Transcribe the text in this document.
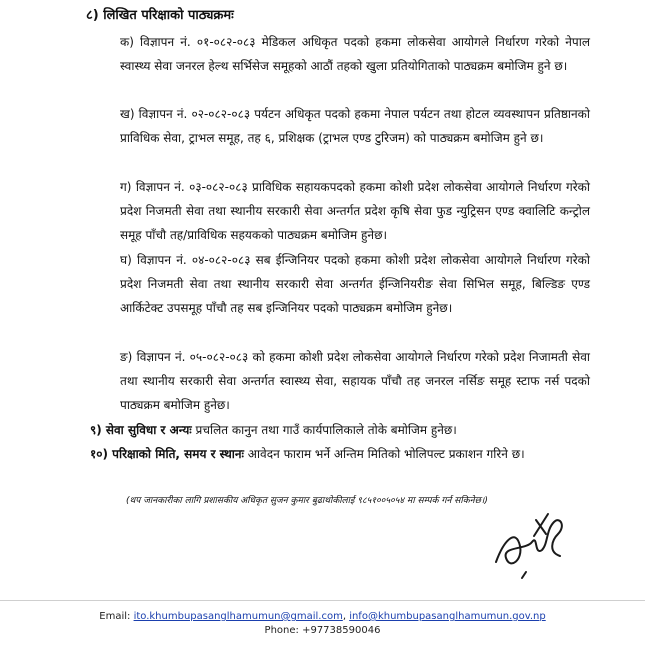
८) लिखित परिक्षाको पाठ्यक्रमः
क) विज्ञापन नं. ०१-०८२-०८३ मेडिकल अधिकृत पदको हकमा लोकसेवा आयोगले निर्धारण गरेको नेपाल स्वास्थ्य सेवा जनरल हेल्थ सर्भिसेज समूहको आठौं तहको खुला प्रतियोगिताको पाठ्यक्रम बमोजिम हुने छ।
ख) विज्ञापन नं. ०२-०८२-०८३ पर्यटन अधिकृत पदको हकमा नेपाल पर्यटन तथा होटल व्यवस्थापन प्रतिष्ठानको प्राविधिक सेवा, ट्राभल समूह, तह ६, प्रशिक्षक (ट्राभल एण्ड टुरिजम) को पाठ्यक्रम बमोजिम हुने छ।
ग) विज्ञापन नं. ०३-०८२-०८३ प्राविधिक सहायकपदको हकमा कोशी प्रदेश लोकसेवा आयोगले निर्धारण गरेको प्रदेश निजमती सेवा तथा स्थानीय सरकारी सेवा अन्तर्गत प्रदेश कृषि सेवा फुड न्युट्रिसन एण्ड क्वालिटि कन्ट्रोल समूह पाँचौ तह/प्राविधिक सहयकको पाठ्यक्रम बमोजिम हुनेछ।
घ) विज्ञापन नं. ०४-०८२-०८३ सब ईन्जिनियर पदको हकमा कोशी प्रदेश लोकसेवा आयोगले निर्धारण गरेको प्रदेश निजमती सेवा तथा स्थानीय सरकारी सेवा अन्तर्गत ईन्जिनियरीङ सेवा सिभिल समूह, बिल्डिङ एण्ड आर्किटेक्ट उपसमूह पाँचौ तह सब इन्जिनियर पदको पाठ्यक्रम बमोजिम हुनेछ।
ङ) विज्ञापन नं. ०५-०८२-०८३ को हकमा कोशी प्रदेश लोकसेवा आयोगले निर्धारण गरेको प्रदेश निजामती सेवा तथा स्थानीय सरकारी सेवा अन्तर्गत स्वास्थ्य सेवा, सहायक पाँचौ तह जनरल नर्सिङ समूह स्टाफ नर्स पदको पाठ्यक्रम बमोजिम हुनेछ।
९) सेवा सुविधा र अन्यः प्रचलित कानुन तथा गाउँ कार्यपालिकाले तोके बमोजिम हुनेछ।
१०) परिक्षाको मिति, समय र स्थानः आवेदन फाराम भर्ने अन्तिम मितिको भोलिपल्ट प्रकाशन गरिने छ।
(थप जानकारीका लागि प्रशासकीय अधिकृत सुजन कुमार बुढाथोकीलाई ९८५१००५०५४ मा सम्पर्क गर्न सकिनेछ।)
Email: ito.khumbupasanglhamumun@gmail.com, info@khumbupasanglhamumun.gov.np
Phone: +97738590046
